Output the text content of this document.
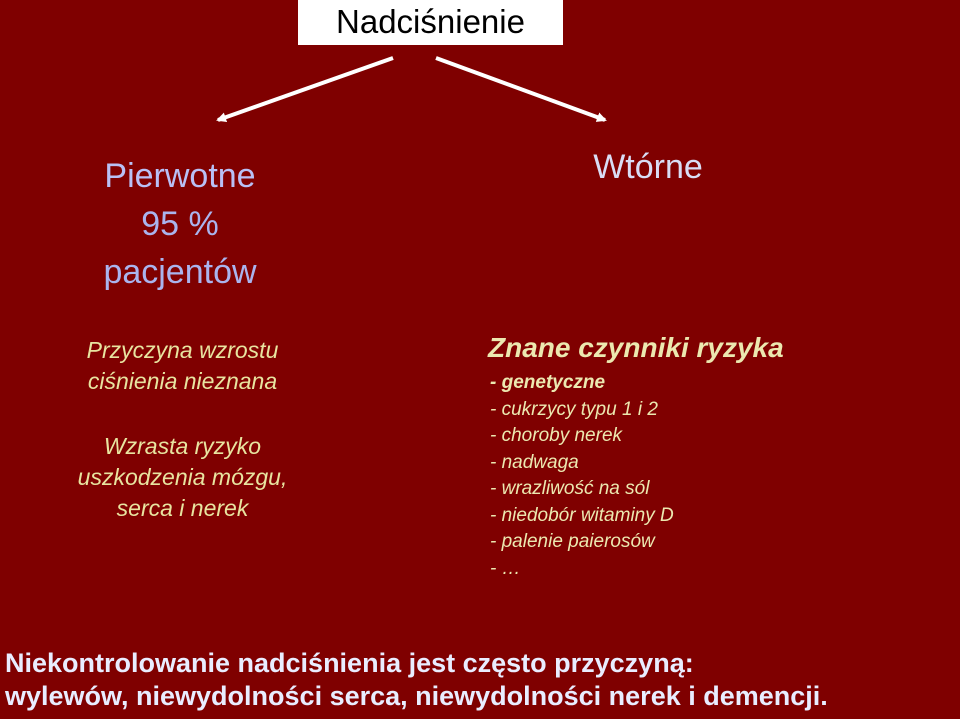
Nadciśnienie
Pierwotne
95 %
pacjentów
Wtórne
Przyczyna wzrostu
ciśnienia nieznana
Wzrasta ryzyko
uszkodzenia mózgu,
serca i nerek
Znane czynniki ryzyka
- genetyczne
- cukrzycy typu 1 i 2
- choroby nerek
- nadwaga
- wrazliwość na sól
- niedobór witaminy D
- palenie paierosów
- …
Niekontrolowanie nadciśnienia jest często przyczyną:
wylewów, niewydolności serca, niewydolności nerek i demencji.
